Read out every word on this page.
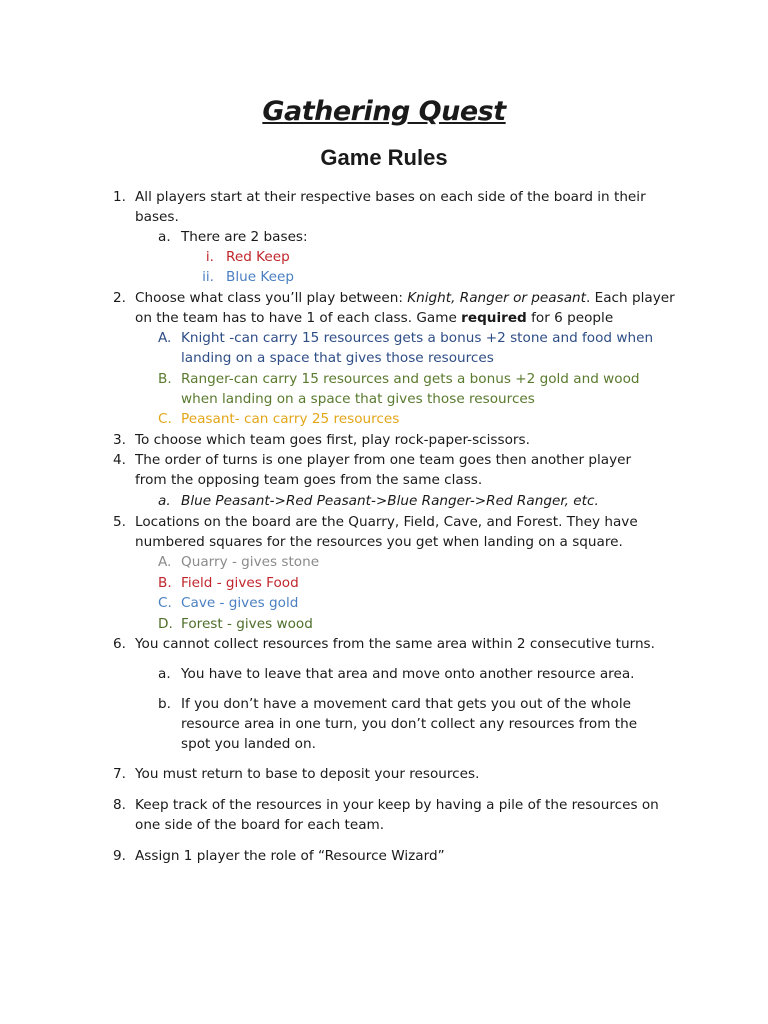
Gathering Quest
Game Rules
1. All players start at their respective bases on each side of the board in their
bases.
a. There are 2 bases:
i. Red Keep
ii. Blue Keep
2. Choose what class you’ll play between: Knight, Ranger or peasant. Each player
on the team has to have 1 of each class. Game required for 6 people
A. Knight -can carry 15 resources gets a bonus +2 stone and food when
landing on a space that gives those resources
B. Ranger-can carry 15 resources and gets a bonus +2 gold and wood
when landing on a space that gives those resources
C. Peasant- can carry 25 resources
3. To choose which team goes first, play rock-paper-scissors.
4. The order of turns is one player from one team goes then another player
from the opposing team goes from the same class.
a. Blue Peasant->Red Peasant->Blue Ranger->Red Ranger, etc.
5. Locations on the board are the Quarry, Field, Cave, and Forest. They have
numbered squares for the resources you get when landing on a square.
A. Quarry - gives stone
B. Field - gives Food
C. Cave - gives gold
D. Forest - gives wood
6. You cannot collect resources from the same area within 2 consecutive turns.
a. You have to leave that area and move onto another resource area.
b. If you don’t have a movement card that gets you out of the whole
resource area in one turn, you don’t collect any resources from the
spot you landed on.
7. You must return to base to deposit your resources.
8. Keep track of the resources in your keep by having a pile of the resources on
one side of the board for each team.
9. Assign 1 player the role of “Resource Wizard”
